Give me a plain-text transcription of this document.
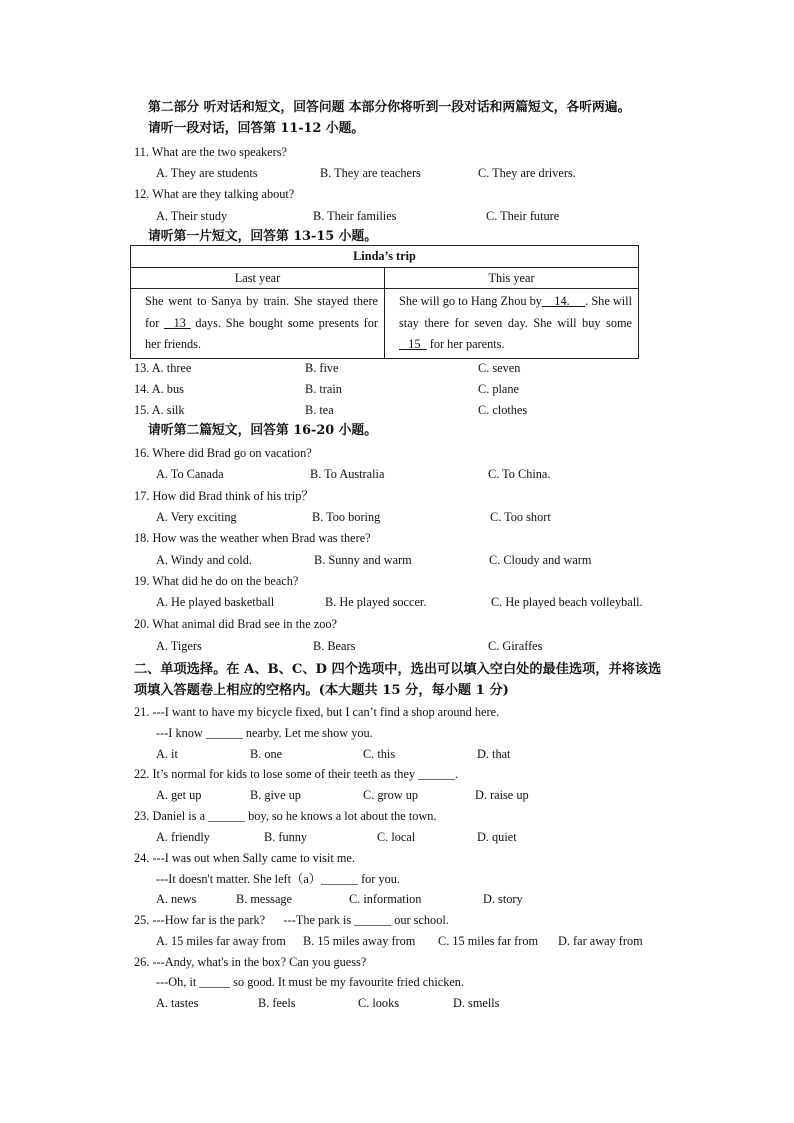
第二部分 听对话和短文，回答问题 本部分你将听到一段对话和两篇短文，各听两遍。
请听一段对话，回答第 11-12 小题。
11. What are the two speakers?
A. They are students	B. They are teachers	C. They are drivers.
12. What are they talking about?
A. Their study	B. Their families	C. Their future
请听第一片短文，回答第 13-15 小题。
Linda’s trip	
Last year	This year
She went to Sanya by train. She stayed there for   13  days. She bought some presents for her friends.	She will go to Hang Zhou by 14. . She will stay there for seven day. She will buy some    15   for her parents.
13. A. three	B. five	C. seven
14. A. bus	B. train	C. plane
15. A. silk	B. tea	C. clothes
请听第二篇短文，回答第 16-20 小题。
16. Where did Brad go on vacation?
A. To Canada	B. To Australia	C. To China.
17. How did Brad think of his trip？
A. Very exciting	B. Too boring	C. Too short
18. How was the weather when Brad was there?
A. Windy and cold.	B. Sunny and warm	C. Cloudy and warm
19. What did he do on the beach?
A. He played basketball	B. He played soccer.	C. He played beach volleyball.
20. What animal did Brad see in the zoo?
A. Tigers	B. Bears	C. Giraffes
二、单项选择。在 A、B、C、D 四个选项中，选出可以填入空白处的最佳选项，并将该选
项填入答题卷上相应的空格内。(本大题共 15 分，每小题 1 分)
21. ---I want to have my bicycle fixed, but I can’t find a shop around here.
---I know ______ nearby. Let me show you.
A. it	B. one	C. this	D. that
22. It’s normal for kids to lose some of their teeth as they ______.
A. get up	B. give up	C. grow up	D. raise up
23. Daniel is a ______ boy, so he knows a lot about the town.
A. friendly	B. funny	C. local	D. quiet
24. ---I was out when Sally came to visit me.
---It doesn't matter. She left（a）______ for you.
A. news	B. message	C. information	D. story
25. ---How far is the park?      ---The park is ______ our school.
A. 15 miles far away from B. 15 miles away from C. 15 miles far from D. far away from
26. ---Andy, what's in the box? Can you guess?
---Oh, it _____ so good. It must be my favourite fried chicken.
A. tastes	B. feels	C. looks	D. smells
